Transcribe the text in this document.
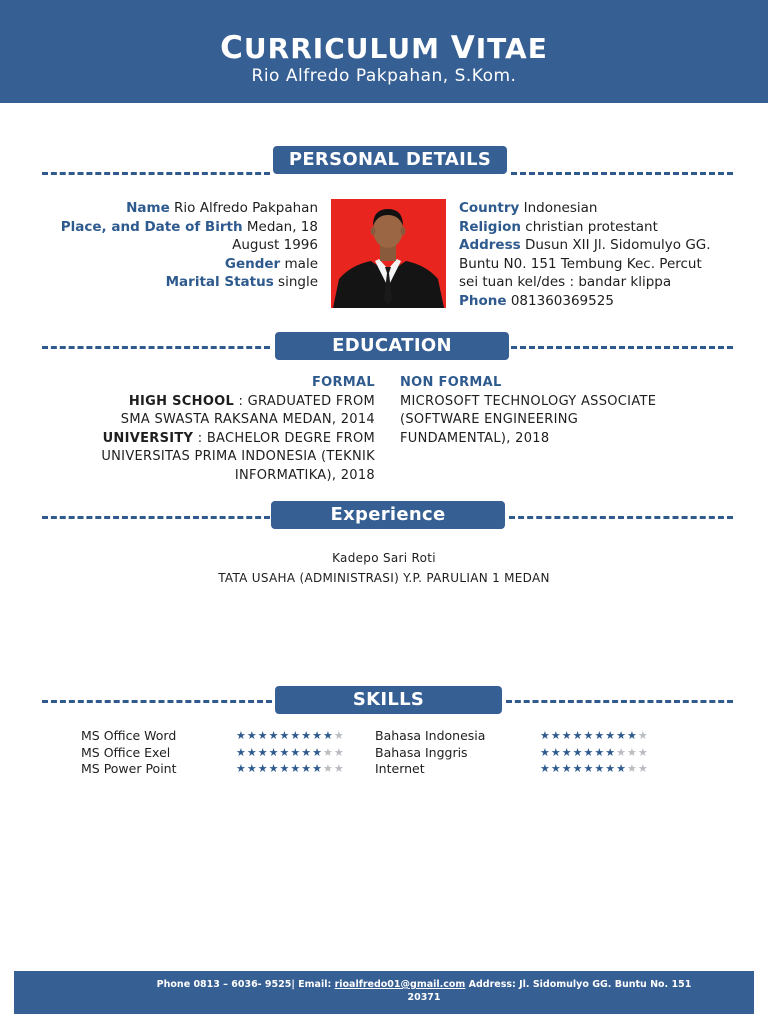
CURRICULUM VITAE
Rio Alfredo Pakpahan, S.Kom.
PERSONAL DETAILS
Name Rio Alfredo Pakpahan
Place, and Date of Birth Medan, 18
August 1996
Gender male
Marital Status single
Country Indonesian
Religion christian protestant
Address Dusun XII Jl. Sidomulyo GG.
Buntu N0. 151 Tembung Kec. Percut
sei tuan kel/des : bandar klippa
Phone 081360369525
EDUCATION
FORMAL
HIGH SCHOOL : GRADUATED FROM
SMA SWASTA RAKSANA MEDAN, 2014
UNIVERSITY : BACHELOR DEGRE FROM
UNIVERSITAS PRIMA INDONESIA (TEKNIK
INFORMATIKA), 2018
NON FORMAL
MICROSOFT TECHNOLOGY ASSOCIATE
(SOFTWARE ENGINEERING
FUNDAMENTAL), 2018
Experience
Kadepo Sari Roti
TATA USAHA (ADMINISTRASI) Y.P. PARULIAN 1 MEDAN
SKILLS
MS Office Word	★★★★★★★★★★
MS Office Exel	★★★★★★★★★★
MS Power Point	★★★★★★★★★★
Bahasa Indonesia	★★★★★★★★★★
Bahasa Inggris	★★★★★★★★★★
Internet	★★★★★★★★★★
Phone 0813 – 6036- 9525| Email: rioalfredo01@gmail.com Address: Jl. Sidomulyo GG. Buntu No. 151
20371
